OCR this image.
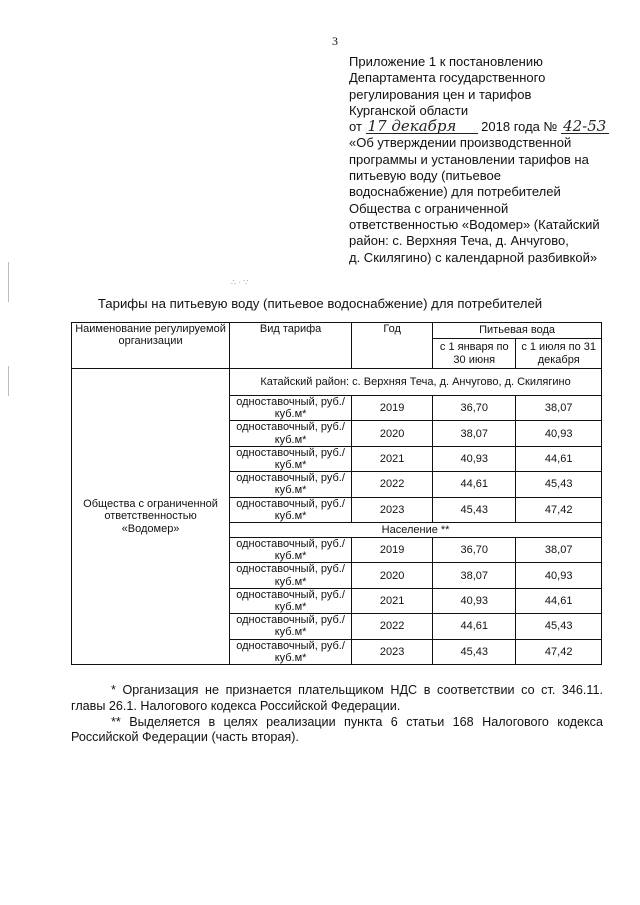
3
Приложение 1 к постановлению
Департамента государственного
регулирования цен и тарифов
Курганской области
от 17 декабря 2018 года № 42-53
«Об утверждении производственной
программы и установлении тарифов на
питьевую воду (питьевое
водоснабжение) для потребителей
Общества с ограниченной
ответственностью «Водомер» (Катайский
район: с. Верхняя Теча, д. Анчугово,
д. Скилягино) с календарной разбивкой»
∴ · ∵
Тарифы на питьевую воду (питьевое водоснабжение) для потребителей
Наименование регулируемой организации	Вид тарифа	Год	Питьевая вода	
			с 1 января по 30 июня	с 1 июля по 31 декабря
Общества с ограниченной ответственностью «Водомер»	Катайский район: с. Верхняя Теча, д. Анчугово, д. Скилягино			
	одноставочный, руб./куб.м*	2019	36,70	38,07
	одноставочный, руб./куб.м*	2020	38,07	40,93
	одноставочный, руб./куб.м*	2021	40,93	44,61
	одноставочный, руб./куб.м*	2022	44,61	45,43
	одноставочный, руб./куб.м*	2023	45,43	47,42
	Население **			
	одноставочный, руб./куб.м*	2019	36,70	38,07
	одноставочный, руб./куб.м*	2020	38,07	40,93
	одноставочный, руб./куб.м*	2021	40,93	44,61
	одноставочный, руб./куб.м*	2022	44,61	45,43
	одноставочный, руб./куб.м*	2023	45,43	47,42

* Организация не признается плательщиком НДС в соответствии со ст. 346.11. главы 26.1. Налогового кодекса Российской Федерации.

** Выделяется в целях реализации пункта 6 статьи 168 Налогового кодекса Российской Федерации (часть вторая).
